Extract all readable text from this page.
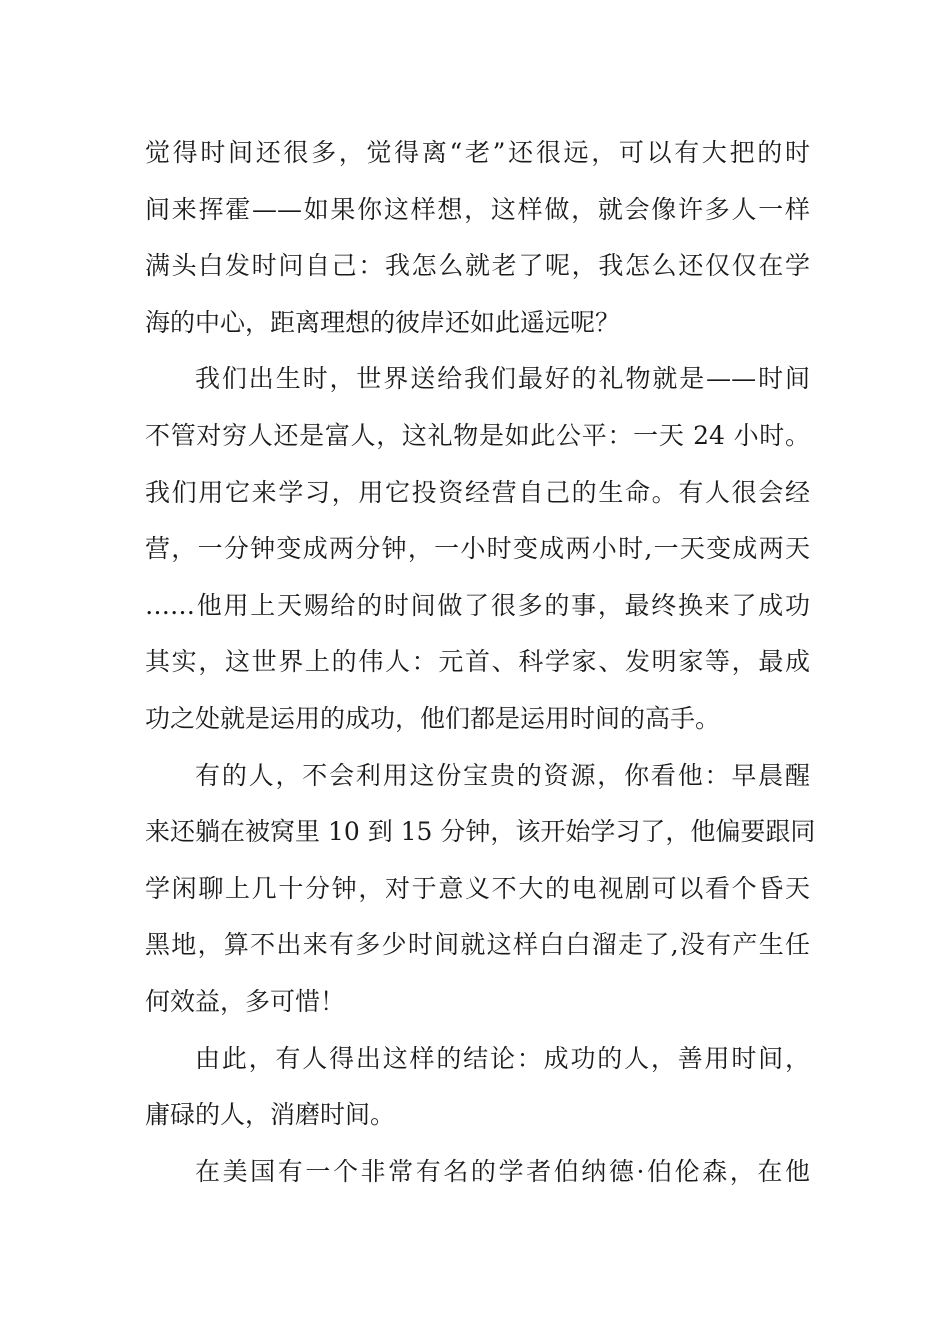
觉得时间还很多，觉得离“老”还很远，可以有大把的时
间来挥霍——如果你这样想，这样做，就会像许多人一样
满头白发时问自己：我怎么就老了呢，我怎么还仅仅在学
海的中心，距离理想的彼岸还如此遥远呢？
我们出生时，世界送给我们最好的礼物就是——时间
不管对穷人还是富人，这礼物是如此公平：一天 24 小时。
我们用它来学习，用它投资经营自己的生命。有人很会经
营，一分钟变成两分钟，一小时变成两小时,一天变成两天
……他用上天赐给的时间做了很多的事，最终换来了成功
其实，这世界上的伟人：元首、科学家、发明家等，最成
功之处就是运用的成功，他们都是运用时间的高手。
有的人，不会利用这份宝贵的资源，你看他：早晨醒
来还躺在被窝里 10 到 15 分钟，该开始学习了，他偏要跟同
学闲聊上几十分钟，对于意义不大的电视剧可以看个昏天
黑地，算不出来有多少时间就这样白白溜走了,没有产生任
何效益，多可惜！
由此，有人得出这样的结论：成功的人，善用时间，
庸碌的人，消磨时间。
在美国有一个非常有名的学者伯纳德·伯伦森，在他
